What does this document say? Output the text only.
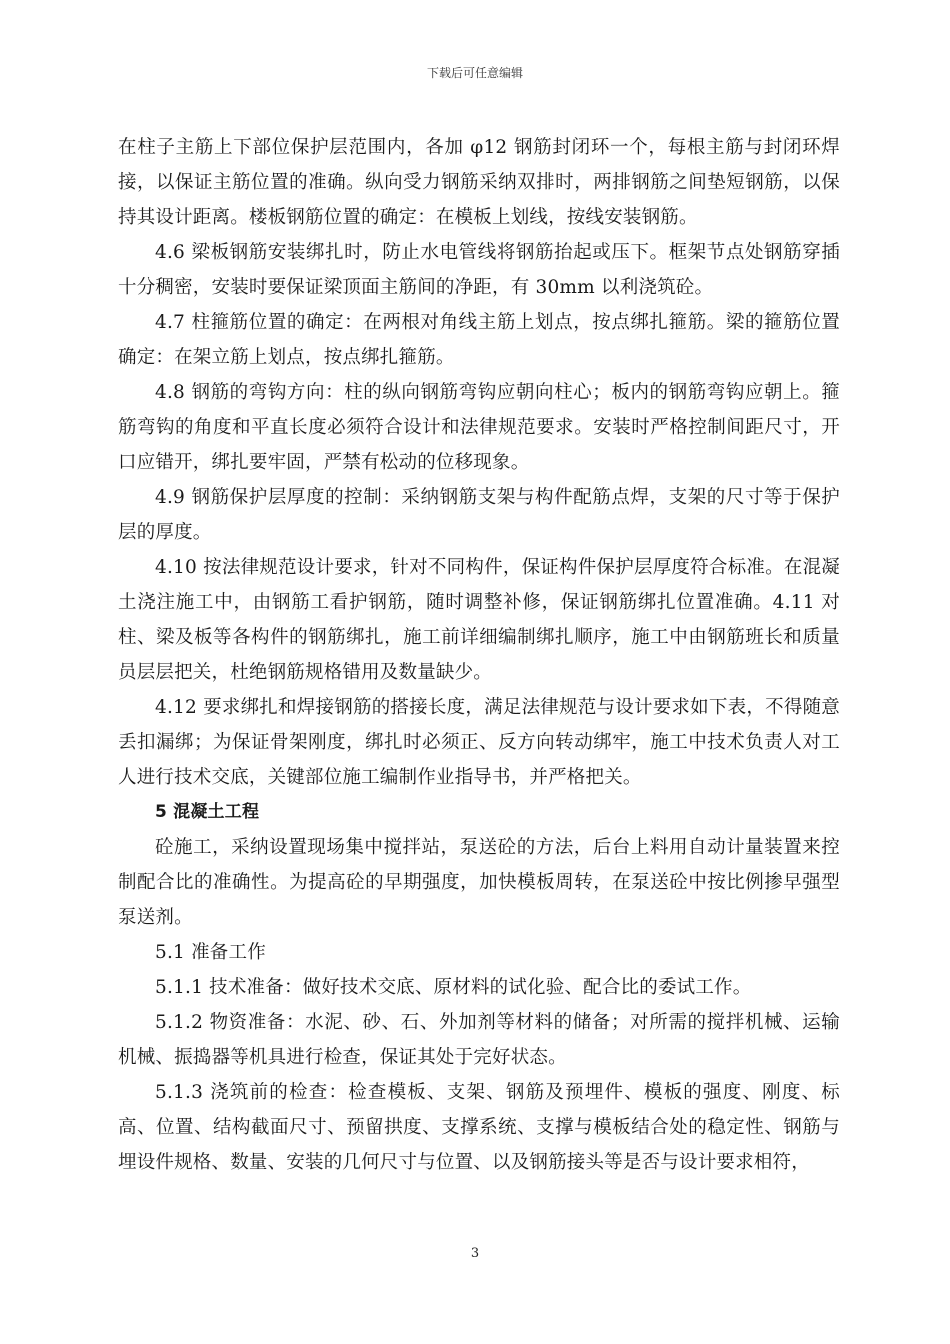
下载后可任意编辑

在柱子主筋上下部位保护层范围内，各加 φ12 钢筋封闭环一个，每根主筋与封闭环焊接，以保证主筋位置的准确。纵向受力钢筋采纳双排时，两排钢筋之间垫短钢筋，以保持其设计距离。楼板钢筋位置的确定：在模板上划线，按线安装钢筋。

4.6 梁板钢筋安装绑扎时，防止水电管线将钢筋抬起或压下。框架节点处钢筋穿插十分稠密，安装时要保证梁顶面主筋间的净距，有 30mm 以利浇筑砼。

4.7 柱箍筋位置的确定：在两根对角线主筋上划点，按点绑扎箍筋。梁的箍筋位置确定：在架立筋上划点，按点绑扎箍筋。

4.8 钢筋的弯钩方向：柱的纵向钢筋弯钩应朝向柱心；板内的钢筋弯钩应朝上。箍筋弯钩的角度和平直长度必须符合设计和法律规范要求。安装时严格控制间距尺寸，开口应错开，绑扎要牢固，严禁有松动的位移现象。

4.9 钢筋保护层厚度的控制：采纳钢筋支架与构件配筋点焊，支架的尺寸等于保护层的厚度。

4.10 按法律规范设计要求，针对不同构件，保证构件保护层厚度符合标准。在混凝土浇注施工中，由钢筋工看护钢筋，随时调整补修，保证钢筋绑扎位置准确。4.11 对柱、梁及板等各构件的钢筋绑扎，施工前详细编制绑扎顺序，施工中由钢筋班长和质量员层层把关，杜绝钢筋规格错用及数量缺少。

4.12 要求绑扎和焊接钢筋的搭接长度，满足法律规范与设计要求如下表，不得随意丢扣漏绑；为保证骨架刚度，绑扎时必须正、反方向转动绑牢，施工中技术负责人对工人进行技术交底，关键部位施工编制作业指导书，并严格把关。

5 混凝土工程

砼施工，采纳设置现场集中搅拌站，泵送砼的方法，后台上料用自动计量装置来控制配合比的准确性。为提高砼的早期强度，加快模板周转，在泵送砼中按比例掺早强型泵送剂。

5.1 准备工作

5.1.1 技术准备：做好技术交底、原材料的试化验、配合比的委试工作。

5.1.2 物资准备：水泥、砂、石、外加剂等材料的储备；对所需的搅拌机械、运输机械、振捣器等机具进行检查，保证其处于完好状态。

5.1.3 浇筑前的检查：检查模板、支架、钢筋及预埋件、模板的强度、刚度、标高、位置、结构截面尺寸、预留拱度、支撑系统、支撑与模板结合处的稳定性、钢筋与埋设件规格、数量、安装的几何尺寸与位置、以及钢筋接头等是否与设计要求相符，

3
